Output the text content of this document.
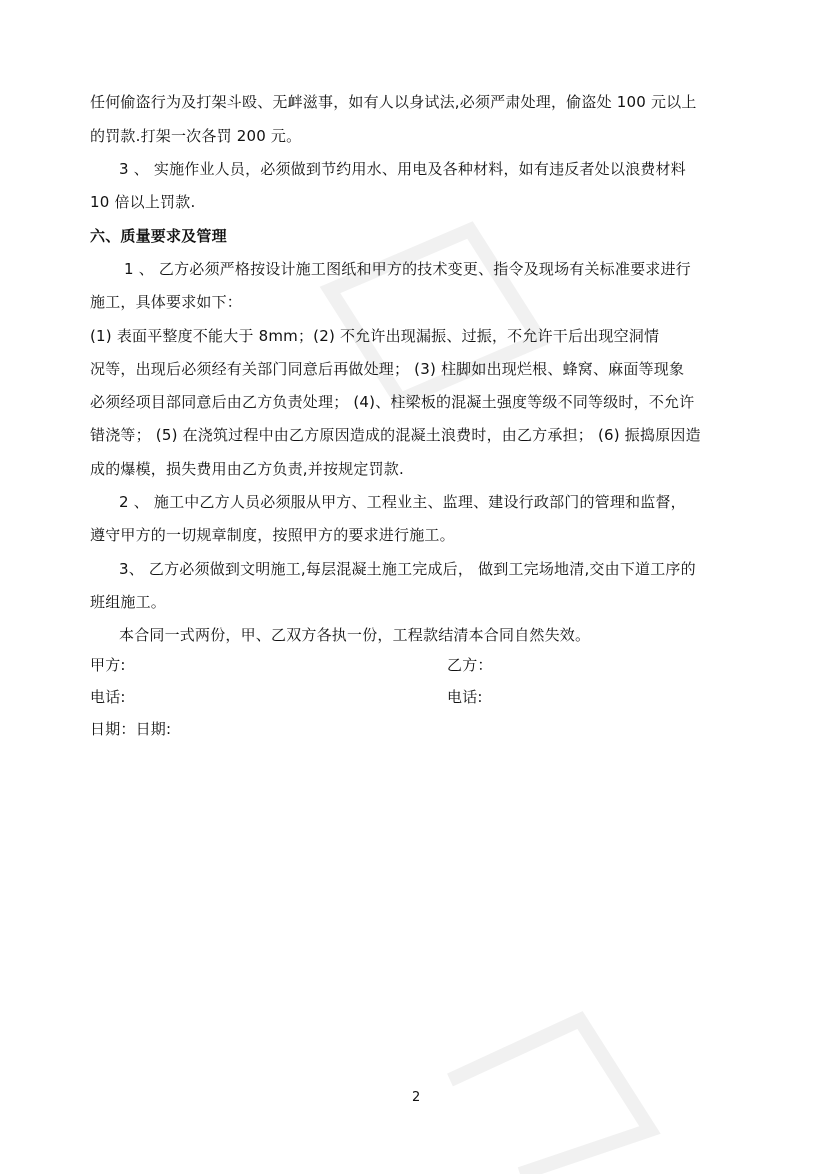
任何偷盗行为及打架斗殴、无衅滋事，如有人以身试法,必须严肃处理，偷盗处 100 元以上
的罚款.打架一次各罚 200 元。
3 、 实施作业人员，必须做到节约用水、用电及各种材料，如有违反者处以浪费材料
10 倍以上罚款.
六、质量要求及管理
1 、 乙方必须严格按设计施工图纸和甲方的技术变更、指令及现场有关标准要求进行
施工，具体要求如下：
(1) 表面平整度不能大于 8mm；(2) 不允许出现漏振、过振，不允许干后出现空洞情
况等，出现后必须经有关部门同意后再做处理； (3) 柱脚如出现烂根、蜂窝、麻面等现象
必须经项目部同意后由乙方负责处理； (4)、柱梁板的混凝土强度等级不同等级时，不允许
错浇等； (5) 在浇筑过程中由乙方原因造成的混凝土浪费时，由乙方承担； (6) 振捣原因造
成的爆模，损失费用由乙方负责,并按规定罚款.
2 、 施工中乙方人员必须服从甲方、工程业主、监理、建设行政部门的管理和监督，
遵守甲方的一切规章制度，按照甲方的要求进行施工。
3、 乙方必须做到文明施工,每层混凝土施工完成后， 做到工完场地清,交由下道工序的
班组施工。
本合同一式两份，甲、乙双方各执一份，工程款结清本合同自然失效。
甲方:	乙方：
电话:	电话:
日期：日期:
2
